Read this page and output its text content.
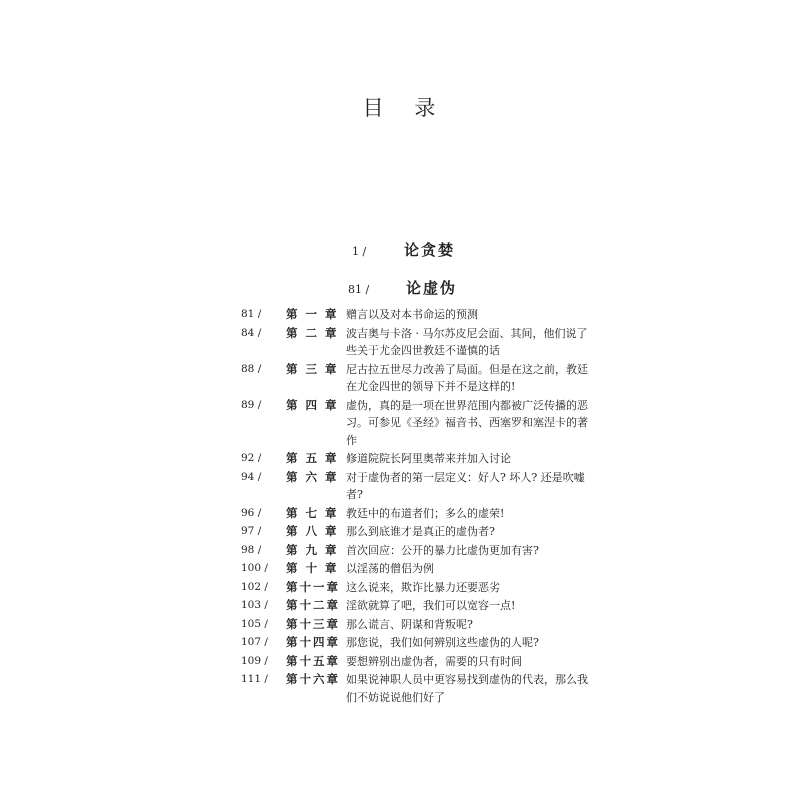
目 录
1 /	论贪婪
81 / 论虚伪
81 /	第 一 章 赠言以及对本书命运的预测
84 /	第 二 章 波吉奥与卡洛 · 马尔苏皮尼会面、其间，他们说了些关于尤金四世教廷不谨慎的话
88 /	第 三 章 尼古拉五世尽力改善了局面。但是在这之前，教廷在尤金四世的领导下并不是这样的!
89 /	第 四 章 虚伪，真的是一项在世界范围内都被广泛传播的恶习。可参见《圣经》福音书、西塞罗和塞涅卡的著作
92 /	第 五 章 修道院院长阿里奥蒂来并加入讨论
94 /	第 六 章 对于虚伪者的第一层定义：好人? 坏人? 还是吹嘘者?
96 /	第 七 章 教廷中的布道者们；多么的虚荣!
97 /	第 八 章 那么到底谁才是真正的虚伪者?
98 /	第 九 章 首次回应：公开的暴力比虚伪更加有害?
100 /	第 十 章 以淫荡的僧侣为例
102 /	第十一章 这么说来，欺诈比暴力还要恶劣
103 /	第十二章 淫欲就算了吧，我们可以宽容一点!
105 /	第十三章 那么谎言、阴谋和背叛呢?
107 /	第十四章 那您说，我们如何辨别这些虚伪的人呢?
109 /	第十五章 要想辨别出虚伪者，需要的只有时间
111 /	第十六章 如果说神职人员中更容易找到虚伪的代表，那么我们不妨说说他们好了
